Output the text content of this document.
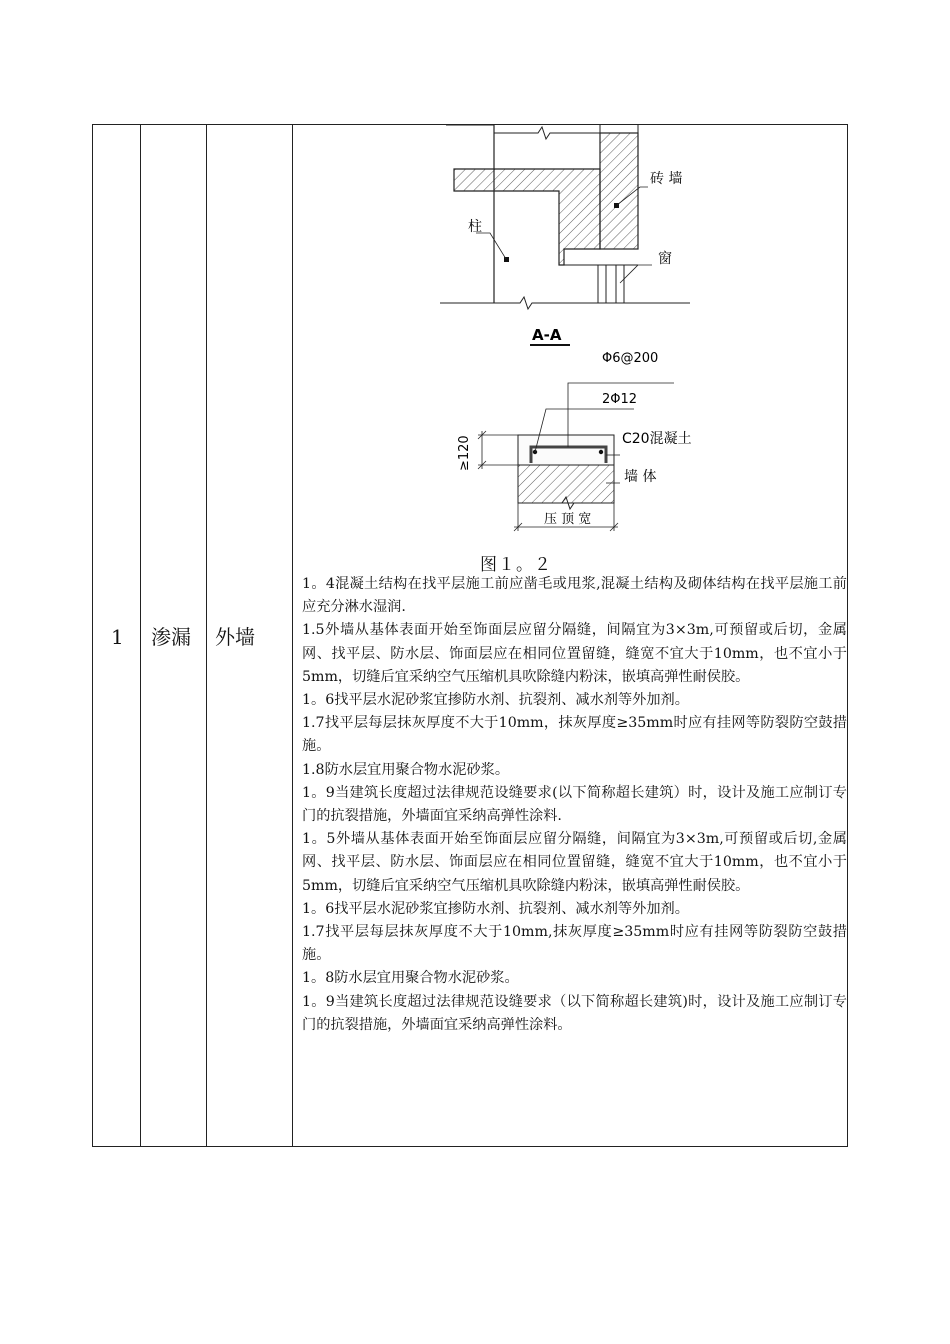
1 渗漏 外墙
砖 墙
柱
窗
A-A
Φ6@200
2Φ12
C20混凝土
墙 体
≥120
压 顶 宽
图１。２

1。4混凝土结构在找平层施工前应凿毛或甩浆,混凝土结构及砌体结构在找平层施工前应充分淋水湿润.

1.5外墙从基体表面开始至饰面层应留分隔缝，间隔宜为3×3m,可预留或后切，金属网、找平层、防水层、饰面层应在相同位置留缝，缝宽不宜大于10mm，也不宜小于5mm，切缝后宜采纳空气压缩机具吹除缝内粉沫，嵌填高弹性耐侯胶。

1。6找平层水泥砂浆宜掺防水剂、抗裂剂、减水剂等外加剂。

1.7找平层每层抹灰厚度不大于10mm，抹灰厚度≥35mm时应有挂网等防裂防空鼓措施。

1.8防水层宜用聚合物水泥砂浆。

1。9当建筑长度超过法律规范设缝要求(以下简称超长建筑）时，设计及施工应制订专门的抗裂措施，外墙面宜采纳高弹性涂料.

1。5外墙从基体表面开始至饰面层应留分隔缝，间隔宜为3×3m,可预留或后切,金属网、找平层、防水层、饰面层应在相同位置留缝，缝宽不宜大于10mm，也不宜小于5mm，切缝后宜采纳空气压缩机具吹除缝内粉沫，嵌填高弹性耐侯胶。

1。6找平层水泥砂浆宜掺防水剂、抗裂剂、减水剂等外加剂。

1.7找平层每层抹灰厚度不大于10mm,抹灰厚度≥35mm时应有挂网等防裂防空鼓措施。

1。8防水层宜用聚合物水泥砂浆。

1。9当建筑长度超过法律规范设缝要求（以下简称超长建筑)时，设计及施工应制订专门的抗裂措施，外墙面宜采纳高弹性涂料。
